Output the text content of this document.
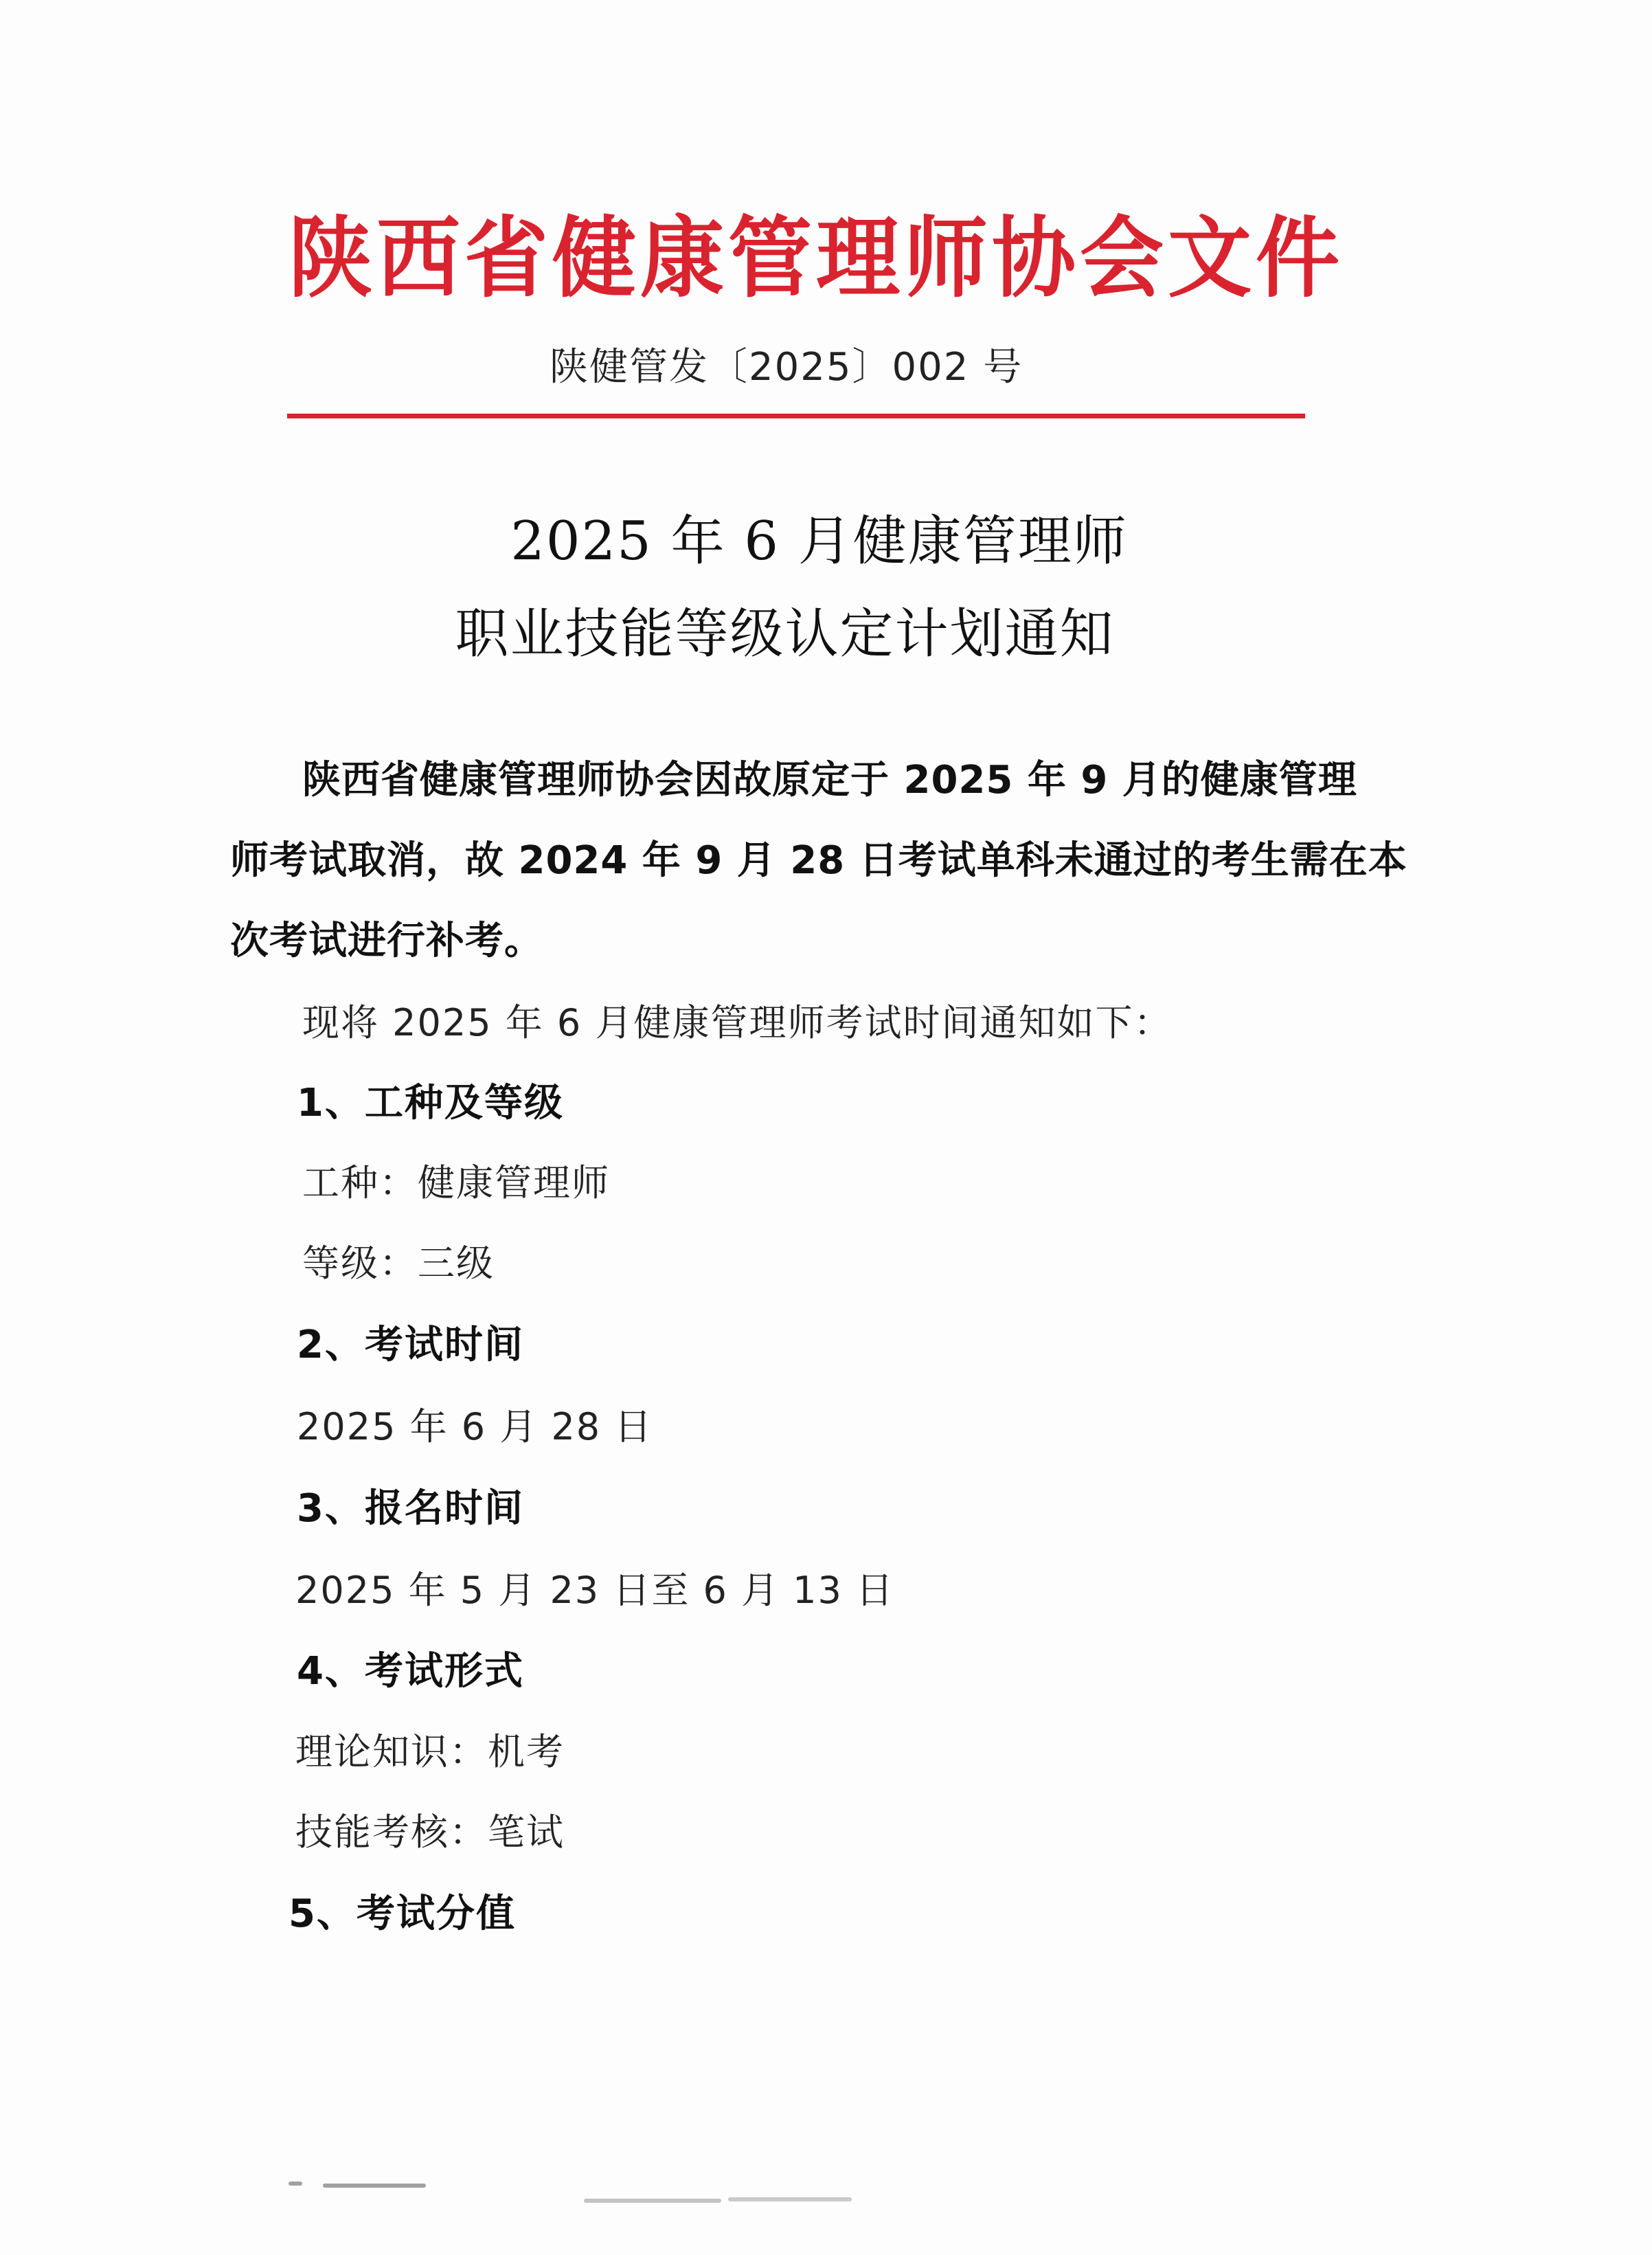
陕西省健康管理师协会文件
陕健管发〔2025〕002 号
2025 年 6 月健康管理师
职业技能等级认定计划通知
陕西省健康管理师协会因故原定于 2025 年 9 月的健康管理
师考试取消，故 2024 年 9 月 28 日考试单科未通过的考生需在本
次考试进行补考。
现将 2025 年 6 月健康管理师考试时间通知如下：
1、工种及等级
工种：健康管理师
等级：三级
2、考试时间
2025 年 6 月 28 日
3、报名时间
2025 年 5 月 23 日至 6 月 13 日
4、考试形式
理论知识：机考
技能考核：笔试
5、考试分值
